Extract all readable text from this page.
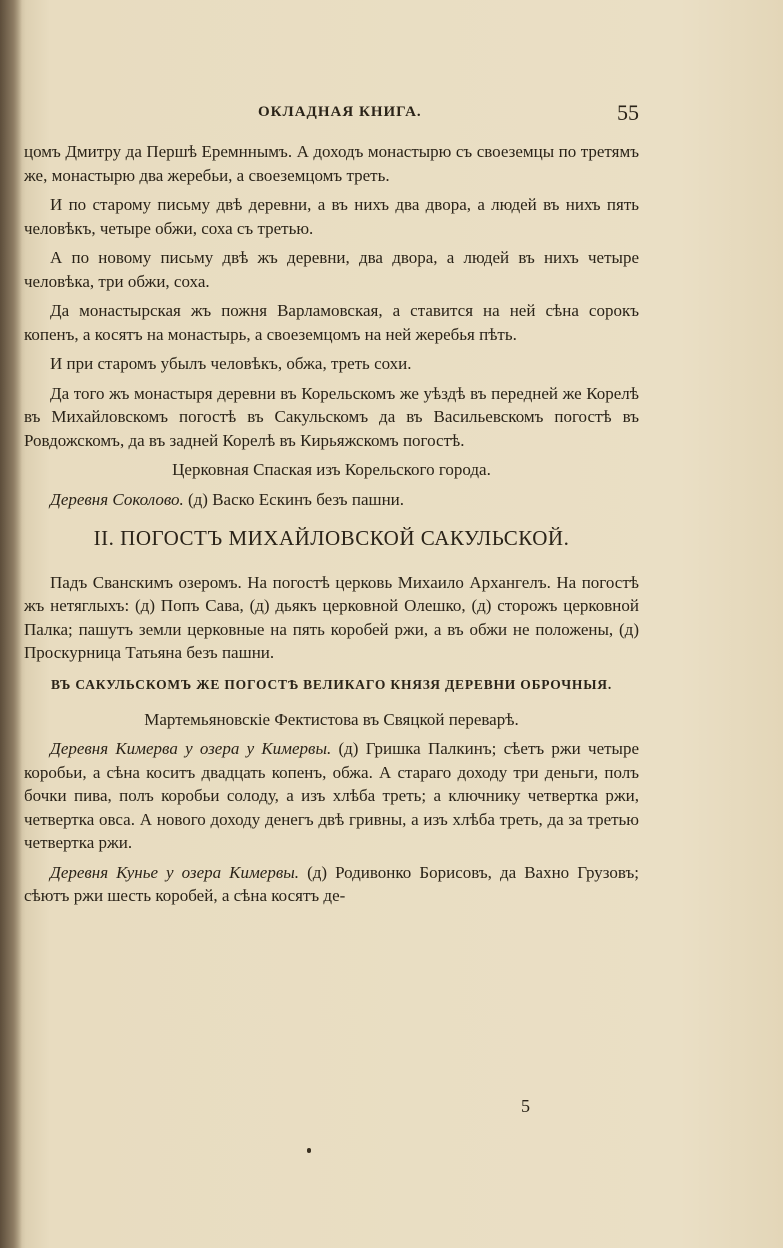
ОКЛАДНАЯ КНИГА.	55

цомъ Дмитру да Першѣ Еремннымъ. А доходъ монастырю съ своеземцы по третямъ же, монастырю два жеребьи, а своеземцомъ треть.

И по старому письму двѣ деревни, а въ нихъ два двора, а людей въ нихъ пять человѣкъ, четыре обжи, соха съ третью.

А по новому письму двѣ жъ деревни, два двора, а людей въ нихъ четыре человѣка, три обжи, соха.

Да монастырская жъ пожня Варламовская, а ставится на ней сѣна сорокъ копенъ, а косятъ на монастырь, а своеземцомъ на ней жеребья пѣть.

И при старомъ убылъ человѣкъ, обжа, треть сохи.

Да того жъ монастыря деревни въ Корельскомъ же уѣздѣ въ передней же Корелѣ въ Михайловскомъ погостѣ въ Сакульскомъ да въ Васильевскомъ погостѣ въ Ровдожскомъ, да въ задней Корелѣ въ Кирьяжскомъ погостѣ.

Церковная Спаская изъ Корельского города.

Деревня Соколово. (д) Васко Ескинъ безъ пашни.

II. ПОГОСТЪ МИХАЙЛОВСКОЙ САКУЛЬСКОЙ.

Падъ Сванскимъ озеромъ. На погостѣ церковь Михаило Архангелъ. На погостѣ жъ нетяглыхъ: (д) Попъ Сава, (д) дьякъ церковной Олешко, (д) сторожъ церковной Палка; пашутъ земли церковные на пять коробей ржи, а въ обжи не положены, (д) Проскурница Татьяна безъ пашни.

ВЪ САКУЛЬСКОМЪ ЖЕ ПОГОСТѢ ВЕЛИКАГО КНЯЗЯ ДЕРЕВНИ ОБРОЧНЫЯ.

Мартемьяновскіе Фектистова въ Свяцкой переварѣ.

Деревня Кимерва у озера у Кимервы. (д) Гришка Палкинъ; сѣетъ ржи четыре коробьи, а сѣна коситъ двадцать копенъ, обжа. А стараго доходу три деньги, полъ бочки пива, полъ коробьи солоду, а изъ хлѣба треть; а ключнику четвертка ржи, четвертка овса. А нового доходу денегъ двѣ гривны, а изъ хлѣба треть, да за третью четвертка ржи.

Деревня Кунье у озера Кимервы. (д) Родивонко Борисовъ, да Вахно Грузовъ; сѣютъ ржи шесть коробей, а сѣна косятъ де-

5
